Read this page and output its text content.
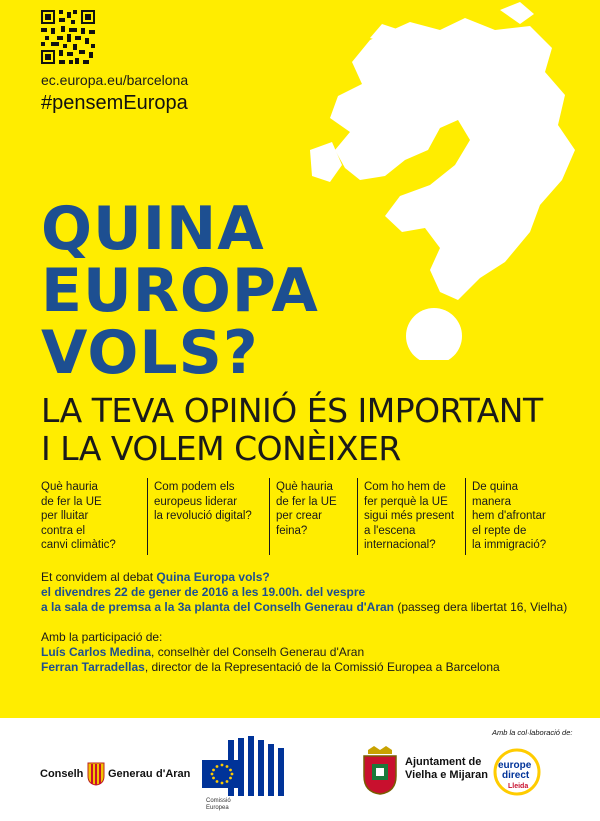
ec.europa.eu/barcelona
#pensemEuropa
QUINA
EUROPA
VOLS?
LA TEVA OPINIÓ ÉS IMPORTANT
I LA VOLEM CONÈIXER
Què hauria
de fer la UE
per lluitar
contra el
canvi climàtic?
Com podem els
europeus liderar
la revolució digital?
Què hauria
de fer la UE
per crear
feina?
Com ho hem de
fer perquè la UE
sigui més present
a l'escena
internacional?
De quina manera
hem d'afrontar
el repte de
la immigració?
Et convidem al debat Quina Europa vols?
el divendres 22 de gener de 2016 a les 19.00h. del vespre
a la sala de premsa a la 3a planta del Conselh Generau d'Aran (passeg dera libertat 16, Vielha)
Amb la participació de:
Luís Carlos Medina, conselhèr del Conselh Generau d'Aran
Ferran Tarradellas, director de la Representació de la Comissió Europea a Barcelona
Conselh Generau d'Aran
Comissió
Europea
Ajuntament de
Vielha e Mijaran
Amb la col·laboració de:
europe
direct
Lleida
